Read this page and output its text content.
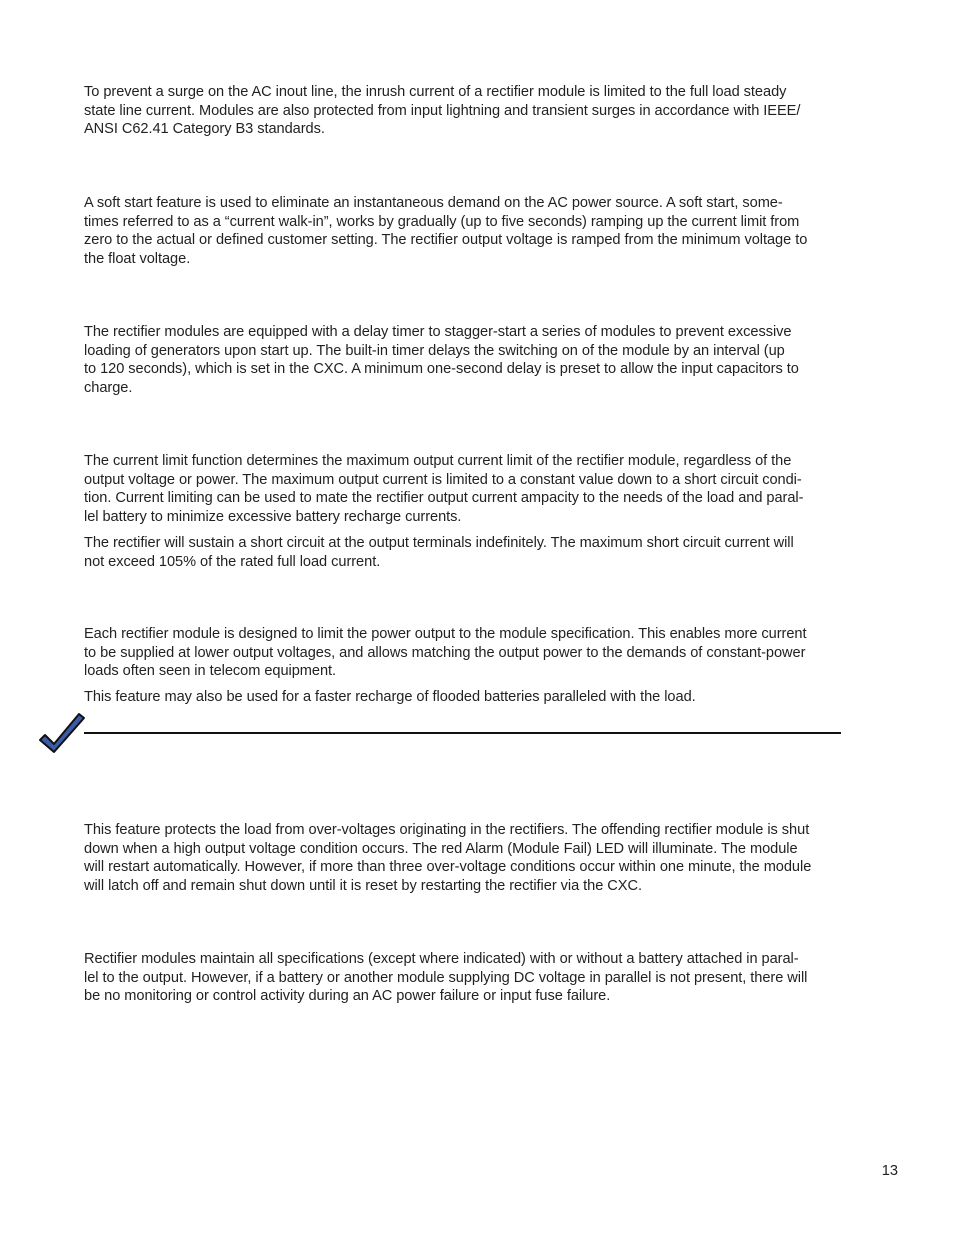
To prevent a surge on the AC inout line, the inrush current of a rectifier module is limited to the full load steady
state line current. Modules are also protected from input lightning and transient surges in accordance with IEEE/
ANSI C62.41 Category B3 standards.

A soft start feature is used to eliminate an instantaneous demand on the AC power source. A soft start, some-
times referred to as a “current walk-in”, works by gradually (up to five seconds) ramping up the current limit from
zero to the actual or defined customer setting. The rectifier output voltage is ramped from the minimum voltage to
the float voltage.

The rectifier modules are equipped with a delay timer to stagger-start a series of modules to prevent excessive
loading of generators upon start up. The built-in timer delays the switching on of the module by an interval (up
to 120 seconds), which is set in the CXC. A minimum one-second delay is preset to allow the input capacitors to
charge.

The current limit function determines the maximum output current limit of the rectifier module, regardless of the
output voltage or power. The maximum output current is limited to a constant value down to a short circuit condi-
tion. Current limiting can be used to mate the rectifier output current ampacity to the needs of the load and paral-
lel battery to minimize excessive battery recharge currents.

The rectifier will sustain a short circuit at the output terminals indefinitely. The maximum short circuit current will
not exceed 105% of the rated full load current.

Each rectifier module is designed to limit the power output to the module specification. This enables more current
to be supplied at lower output voltages, and allows matching the output power to the demands of constant-power
loads often seen in telecom equipment.

This feature may also be used for a faster recharge of flooded batteries paralleled with the load.

This feature protects the load from over-voltages originating in the rectifiers. The offending rectifier module is shut
down when a high output voltage condition occurs. The red Alarm (Module Fail) LED will illuminate. The module
will restart automatically. However, if more than three over-voltage conditions occur within one minute, the module
will latch off and remain shut down until it is reset by restarting the rectifier via the CXC.

Rectifier modules maintain all specifications (except where indicated) with or without a battery attached in paral-
lel to the output. However, if a battery or another module supplying DC voltage in parallel is not present, there will
be no monitoring or control activity during an AC power failure or input fuse failure.

13
